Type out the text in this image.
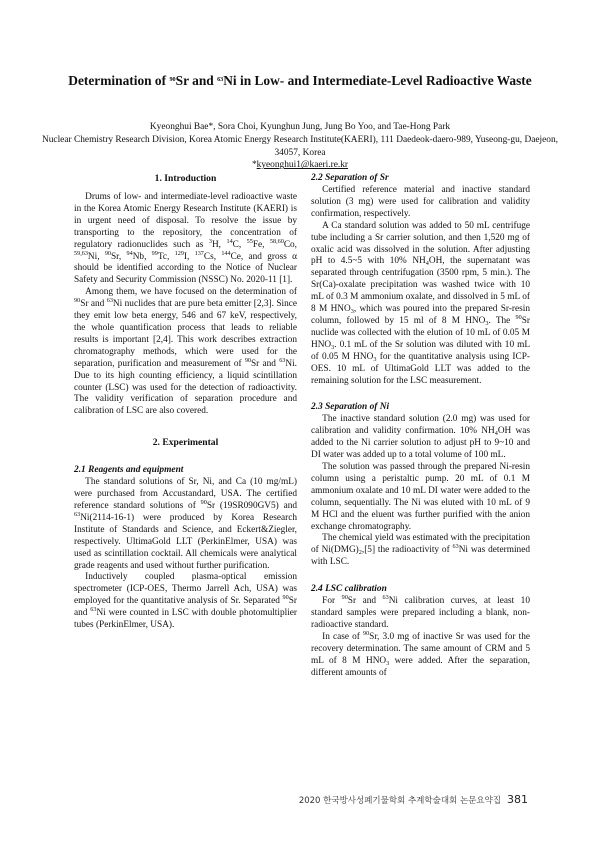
Determination of $^{90}$Sr and $^{63}$Ni in Low- and Intermediate-Level Radioactive Waste
Kyeonghui Bae*, Sora Choi, Kyunghun Jung, Jung Bo Yoo, and Tae-Hong Park
Nuclear Chemistry Research Division, Korea Atomic Energy Research Institute(KAERI), 111 Daedeok-daero-989, Yuseong-gu, Daejeon, 34057, Korea
*kyeonghui1@kaeri.re.kr
1. Introduction

Drums of low- and intermediate-level radioactive waste in the Korea Atomic Energy Research Institute (KAERI) is in urgent need of disposal. To resolve the issue by transporting to the repository, the concentration of regulatory radionuclides such as $^3$H, $^{14}$C, $^{55}$Fe, $^{58,60}$Co, $^{59,63}$Ni, $^{90}$Sr, $^{94}$Nb, $^{99}$Tc, $^{129}$I, $^{137}$Cs, $^{144}$Ce, and gross α should be identified according to the Notice of Nuclear Safety and Security Commission (NSSC) No. 2020-11 [1].

Among them, we have focused on the determination of $^{90}$Sr and $^{63}$Ni nuclides that are pure beta emitter [2,3]. Since they emit low beta energy, 546 and 67 keV, respectively, the whole quantification process that leads to reliable results is important [2,4]. This work describes extraction chromatography methods, which were used for the separation, purification and measurement of $^{90}$Sr and $^{63}$Ni. Due to its high counting efficiency, a liquid scintillation counter (LSC) was used for the detection of radioactivity. The validity verification of separation procedure and calibration of LSC are also covered.

2. Experimental
2.1 Reagents and equipment

The standard solutions of Sr, Ni, and Ca (10 mg/mL) were purchased from Accustandard, USA. The certified reference standard solutions of $^{90}$Sr (19SR090GV5) and $^{63}$Ni(2114-16-1) were produced by Korea Research Institute of Standards and Science, and Eckert&Ziegler, respectively. UltimaGold LLT (PerkinElmer, USA) was used as scintillation cocktail. All chemicals were analytical grade reagents and used without further purification.

Inductively coupled plasma-optical emission spectrometer (ICP-OES, Thermo Jarrell Ach, USA) was employed for the quantitative analysis of Sr. Separated $^{90}$Sr and $^{63}$Ni were counted in LSC with double photomultiplier tubes (PerkinElmer, USA).

2.2 Separation of Sr

Certified reference material and inactive standard solution (3 mg) were used for calibration and validity confirmation, respectively.

A Ca standard solution was added to 50 mL centrifuge tube including a Sr carrier solution, and then 1,520 mg of oxalic acid was dissolved in the solution. After adjusting pH to 4.5~5 with 10% $NH_4OH$, the supernatant was separated through centrifugation (3500 rpm, 5 min.). The Sr(Ca)-oxalate precipitation was washed twice with 10 mL of 0.3 M ammonium oxalate, and dissolved in 5 mL of 8 M $HNO_3$, which was poured into the prepared Sr-resin column, followed by 15 ml of 8 M $HNO_3$. The $^{90}$Sr nuclide was collected with the elution of 10 mL of 0.05 M $HNO_3$. 0.1 mL of the Sr solution was diluted with 10 mL of 0.05 M $HNO_3$ for the quantitative analysis using ICP-OES. 10 mL of UltimaGold LLT was added to the remaining solution for the LSC measurement.

2.3 Separation of Ni

The inactive standard solution (2.0 mg) was used for calibration and validity confirmation. 10% $NH_4OH$ was added to the Ni carrier solution to adjust pH to 9~10 and DI water was added up to a total volume of 100 mL.

The solution was passed through the prepared Ni-resin column using a peristaltic pump. 20 mL of 0.1 M ammonium oxalate and 10 mL DI water were added to the column, sequentially. The Ni was eluted with 10 mL of 9 M HCl and the eluent was further purified with the anion exchange chromatography.

The chemical yield was estimated with the precipitation of $Ni(DMG)_2,[5]$ the radioactivity of $^{63}$Ni was determined with LSC.

2.4 LSC calibration

For $^{90}$Sr and $^{63}$Ni calibration curves, at least 10 standard samples were prepared including a blank, non-radioactive standard.

In case of $^{90}$Sr, 3.0 mg of inactive Sr was used for the recovery determination. The same amount of CRM and 5 mL of 8 M $HNO_3$ were added. After the separation, different amounts of

2020 한국방사성폐기물학회 추계학술대회 논문요약집 381
